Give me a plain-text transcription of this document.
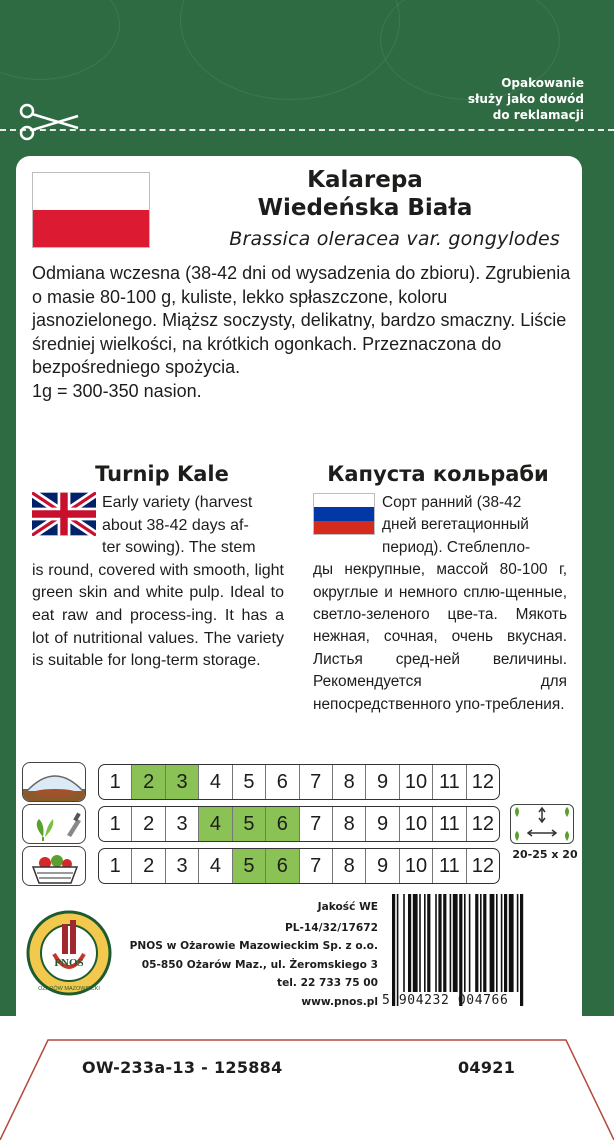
Opakowanie
służy jako dowód
do reklamacji
Kalarepa
Wiedeńska Biała
Brassica oleracea var. gongylodes
Odmiana wczesna (38-42 dni od wysadzenia do zbioru). Zgrubienia o masie 80-100 g, kuliste, lekko spłaszczone, koloru jasnozielonego. Miąższ soczysty, delikatny, bardzo smaczny. Liście średniej wielkości, na krótkich ogonkach. Przeznaczona do bezpośredniego spożycia.
1g = 300-350 nasion.
Turnip Kale	Капуста кольраби
Early variety (harvest
about 38-42 days af-
ter sowing). The stem
is round, covered with smooth, light green skin and white pulp. Ideal to eat raw and process-ing. It has a lot of nutritional values. The variety is suitable for long-term storage.
Сорт ранний (38-42
дней вегетационный
период). Стеблепло-
ды некрупные, массой 80-100 г, округлые и немного сплю-щенные, светло-зеленого цве-та. Мякоть нежная, сочная, очень вкусная. Листья сред-ней величины. Рекомендуется для непосредственного упо-требления.
1	2	3	4	5	6	7	8	9 10 11 12
1	2	3	4	5	6	7	8	9 10 11 12
1	2	3	4	5	6	7	8	9 10 11 12	20-25 x 20
PNOS
OŻARÓW MAZOWIECKI
Jakość WE
PL-14/32/17672
PNOS w Ożarowie Mazowieckim Sp. z o.o.
05-850 Ożarów Maz., ul. Żeromskiego 3
tel. 22 733 75 00
www.pnos.pl 5 904232 004766
OW-233a-13 - 125884	04921
